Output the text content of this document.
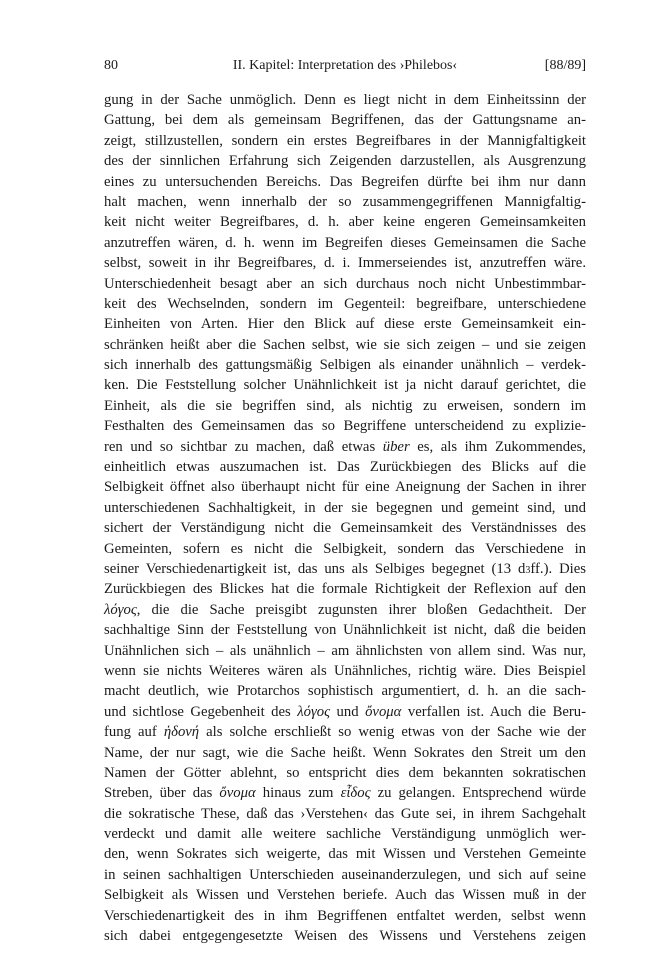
80	II. Kapitel: Interpretation des ›Philebos‹	[88/89]
gung in der Sache unmöglich. Denn es liegt nicht in dem Einheitssinn der
Gattung, bei dem als gemeinsam Begriffenen, das der Gattungsname an-
zeigt, stillzustellen, sondern ein erstes Begreifbares in der Mannigfaltigkeit
des der sinnlichen Erfahrung sich Zeigenden darzustellen, als Ausgrenzung
eines zu untersuchenden Bereichs. Das Begreifen dürfte bei ihm nur dann
halt machen, wenn innerhalb der so zusammengegriffenen Mannigfaltig-
keit nicht weiter Begreifbares, d. h. aber keine engeren Gemeinsamkeiten
anzutreffen wären, d. h. wenn im Begreifen dieses Gemeinsamen die Sache
selbst, soweit in ihr Begreifbares, d. i. Immerseiendes ist, anzutreffen wäre.
Unterschiedenheit besagt aber an sich durchaus noch nicht Unbestimmbar-
keit des Wechselnden, sondern im Gegenteil: begreifbare, unterschiedene
Einheiten von Arten. Hier den Blick auf diese erste Gemeinsamkeit ein-
schränken heißt aber die Sachen selbst, wie sie sich zeigen – und sie zeigen
sich innerhalb des gattungsmäßig Selbigen als einander unähnlich – verdek-
ken. Die Feststellung solcher Unähnlichkeit ist ja nicht darauf gerichtet, die
Einheit, als die sie begriffen sind, als nichtig zu erweisen, sondern im
Festhalten des Gemeinsamen das so Begriffene unterscheidend zu explizie-
ren und so sichtbar zu machen, daß etwas über es, als ihm Zukommendes,
einheitlich etwas auszumachen ist. Das Zurückbiegen des Blicks auf die
Selbigkeit öffnet also überhaupt nicht für eine Aneignung der Sachen in ihrer
unterschiedenen Sachhaltigkeit, in der sie begegnen und gemeint sind, und
sichert der Verständigung nicht die Gemeinsamkeit des Verständnisses des
Gemeinten, sofern es nicht die Selbigkeit, sondern das Verschiedene in
seiner Verschiedenartigkeit ist, das uns als Selbiges begegnet (13 d3ff.). Dies
Zurückbiegen des Blickes hat die formale Richtigkeit der Reflexion auf den
λόγος, die die Sache preisgibt zugunsten ihrer bloßen Gedachtheit. Der
sachhaltige Sinn der Feststellung von Unähnlichkeit ist nicht, daß die beiden
Unähnlichen sich – als unähnlich – am ähnlichsten von allem sind. Was nur,
wenn sie nichts Weiteres wären als Unähnliches, richtig wäre. Dies Beispiel
macht deutlich, wie Protarchos sophistisch argumentiert, d. h. an die sach-
und sichtlose Gegebenheit des λόγος und ὄνομα verfallen ist. Auch die Beru-
fung auf ἡδονή als solche erschließt so wenig etwas von der Sache wie der
Name, der nur sagt, wie die Sache heißt. Wenn Sokrates den Streit um den
Namen der Götter ablehnt, so entspricht dies dem bekannten sokratischen
Streben, über das ὄνομα hinaus zum εἶδος zu gelangen. Entsprechend würde
die sokratische These, daß das ›Verstehen‹ das Gute sei, in ihrem Sachgehalt
verdeckt und damit alle weitere sachliche Verständigung unmöglich wer-
den, wenn Sokrates sich weigerte, das mit Wissen und Verstehen Gemeinte
in seinen sachhaltigen Unterschieden auseinanderzulegen, und sich auf seine
Selbigkeit als Wissen und Verstehen beriefe. Auch das Wissen muß in der
Verschiedenartigkeit des in ihm Begriffenen entfaltet werden, selbst wenn
sich dabei entgegengesetzte Weisen des Wissens und Verstehens zeigen
